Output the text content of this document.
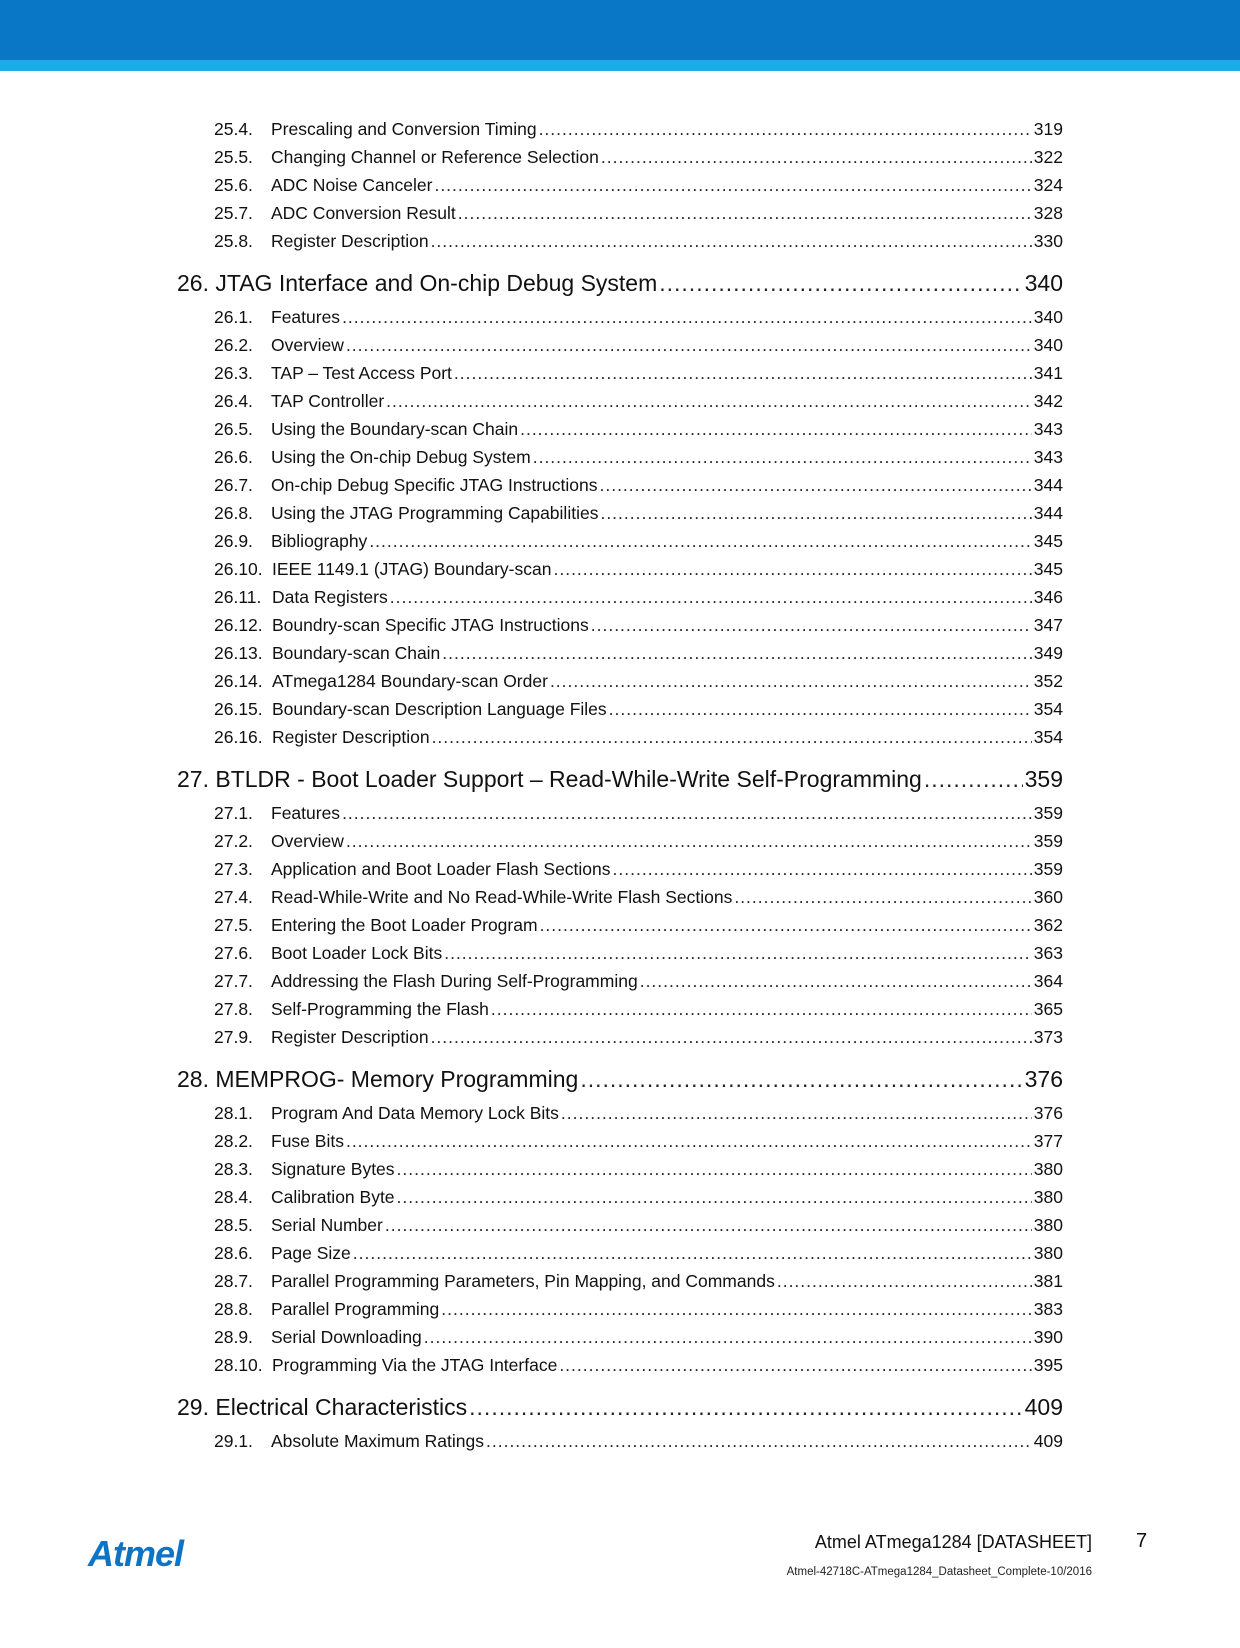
25.4.	Prescaling and Conversion Timing .....	319
25.5.	Changing Channel or Reference Selection .....	322
25.6.	ADC Noise Canceler .....	324
25.7.	ADC Conversion Result .....	328
25.8.	Register Description .....	330
26. JTAG Interface and On-chip Debug System .....	340
26.1.	Features .....	340
26.2.	Overview .....	340
26.3.	TAP – Test Access Port .....	341
26.4.	TAP Controller .....	342
26.5.	Using the Boundary-scan Chain .....	343
26.6.	Using the On-chip Debug System .....	343
26.7.	On-chip Debug Specific JTAG Instructions .....	344
26.8.	Using the JTAG Programming Capabilities .....	344
26.9.	Bibliography .....	345
26.10. IEEE 1149.1 (JTAG) Boundary-scan .....	345
26.11. Data Registers .....	346
26.12. Boundry-scan Specific JTAG Instructions .....	347
26.13. Boundary-scan Chain .....	349
26.14. ATmega1284 Boundary-scan Order .....	352
26.15. Boundary-scan Description Language Files .....	354
26.16. Register Description .....	354
27. BTLDR - Boot Loader Support – Read-While-Write Self-Programming .....	359
27.1.	Features .....	359
27.2.	Overview .....	359
27.3.	Application and Boot Loader Flash Sections .....	359
27.4.	Read-While-Write and No Read-While-Write Flash Sections .....	360
27.5.	Entering the Boot Loader Program .....	362
27.6.	Boot Loader Lock Bits .....	363
27.7.	Addressing the Flash During Self-Programming .....	364
27.8.	Self-Programming the Flash .....	365
27.9.	Register Description .....	373
28. MEMPROG- Memory Programming .....	376
28.1.	Program And Data Memory Lock Bits .....	376
28.2.	Fuse Bits .....	377
28.3.	Signature Bytes .....	380
28.4.	Calibration Byte .....	380
28.5.	Serial Number .....	380
28.6.	Page Size .....	380
28.7.	Parallel Programming Parameters, Pin Mapping, and Commands .....	381
28.8.	Parallel Programming .....	383
28.9.	Serial Downloading .....	390
28.10. Programming Via the JTAG Interface .....	395
29. Electrical Characteristics .....	409
29.1.	Absolute Maximum Ratings .....	409
Atmel	Atmel ATmega1284 [DATASHEET] 7
Atmel-42718C-ATmega1284_Datasheet_Complete-10/2016
